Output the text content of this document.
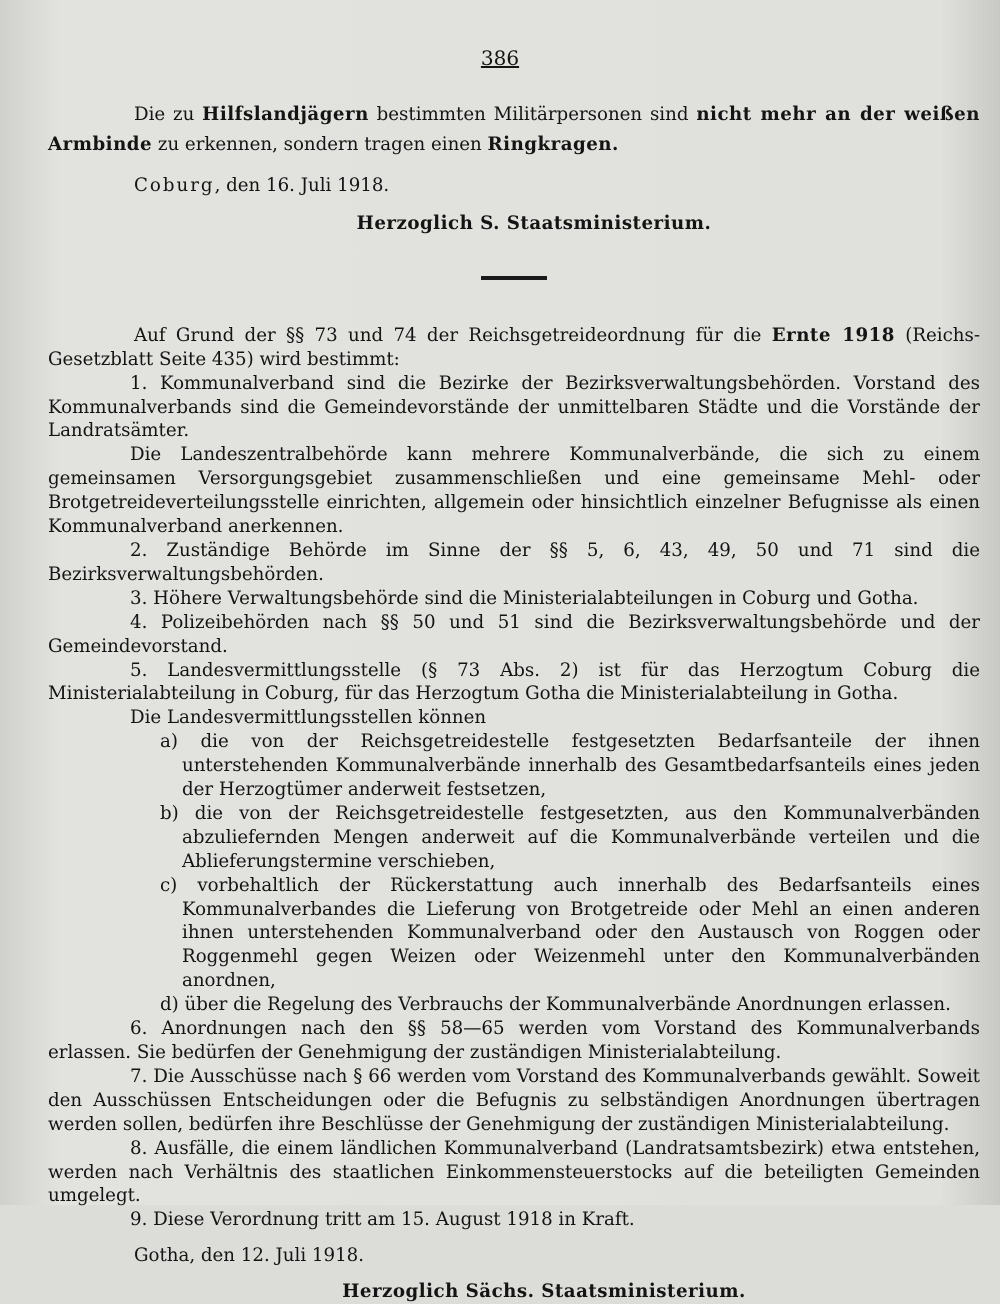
386

Die zu Hilfslandjägern bestimmten Militärpersonen sind nicht mehr an der weißen Armbinde zu erkennen, sondern tragen einen Ringkragen.

Coburg, den 16. Juli 1918.

Herzoglich S. Staatsministerium.

Auf Grund der §§ 73 und 74 der Reichsgetreideordnung für die Ernte 1918 (Reichs-Gesetzblatt Seite 435) wird bestimmt:

1. Kommunalverband sind die Bezirke der Bezirksverwaltungsbehörden. Vorstand des Kommunalverbands sind die Gemeindevorstände der unmittelbaren Städte und die Vorstände der Landratsämter.

Die Landeszentralbehörde kann mehrere Kommunalverbände, die sich zu einem gemeinsamen Versorgungsgebiet zusammenschließen und eine gemeinsame Mehl- oder Brotgetreideverteilungsstelle einrichten, allgemein oder hinsichtlich einzelner Befugnisse als einen Kommunalverband anerkennen.

2. Zuständige Behörde im Sinne der §§ 5, 6, 43, 49, 50 und 71 sind die Bezirksverwaltungsbehörden.

3. Höhere Verwaltungsbehörde sind die Ministerialabteilungen in Coburg und Gotha.

4. Polizeibehörden nach §§ 50 und 51 sind die Bezirksverwaltungsbehörde und der Gemeindevorstand.

5. Landesvermittlungsstelle (§ 73 Abs. 2) ist für das Herzogtum Coburg die Ministerialabteilung in Coburg, für das Herzogtum Gotha die Ministerialabteilung in Gotha.

Die Landesvermittlungsstellen können

a) die von der Reichsgetreidestelle festgesetzten Bedarfsanteile der ihnen unterstehenden Kommunalverbände innerhalb des Gesamtbedarfsanteils eines jeden der Herzogtümer anderweit festsetzen,

b) die von der Reichsgetreidestelle festgesetzten, aus den Kommunalverbänden abzuliefernden Mengen anderweit auf die Kommunalverbände verteilen und die Ablieferungstermine verschieben,

c) vorbehaltlich der Rückerstattung auch innerhalb des Bedarfsanteils eines Kommunalverbandes die Lieferung von Brotgetreide oder Mehl an einen anderen ihnen unterstehenden Kommunalverband oder den Austausch von Roggen oder Roggenmehl gegen Weizen oder Weizenmehl unter den Kommunalverbänden anordnen,

d) über die Regelung des Verbrauchs der Kommunalverbände Anordnungen erlassen.

6. Anordnungen nach den §§ 58—65 werden vom Vorstand des Kommunalverbands erlassen. Sie bedürfen der Genehmigung der zuständigen Ministerialabteilung.

7. Die Ausschüsse nach § 66 werden vom Vorstand des Kommunalverbands gewählt. Soweit den Ausschüssen Entscheidungen oder die Befugnis zu selbständigen Anordnungen übertragen werden sollen, bedürfen ihre Beschlüsse der Genehmigung der zuständigen Ministerialabteilung.

8. Ausfälle, die einem ländlichen Kommunalverband (Landratsamtsbezirk) etwa entstehen, werden nach Verhältnis des staatlichen Einkommensteuerstocks auf die beteiligten Gemeinden umgelegt.

9. Diese Verordnung tritt am 15. August 1918 in Kraft.

Gotha, den 12. Juli 1918.

Herzoglich Sächs. Staatsministerium.
